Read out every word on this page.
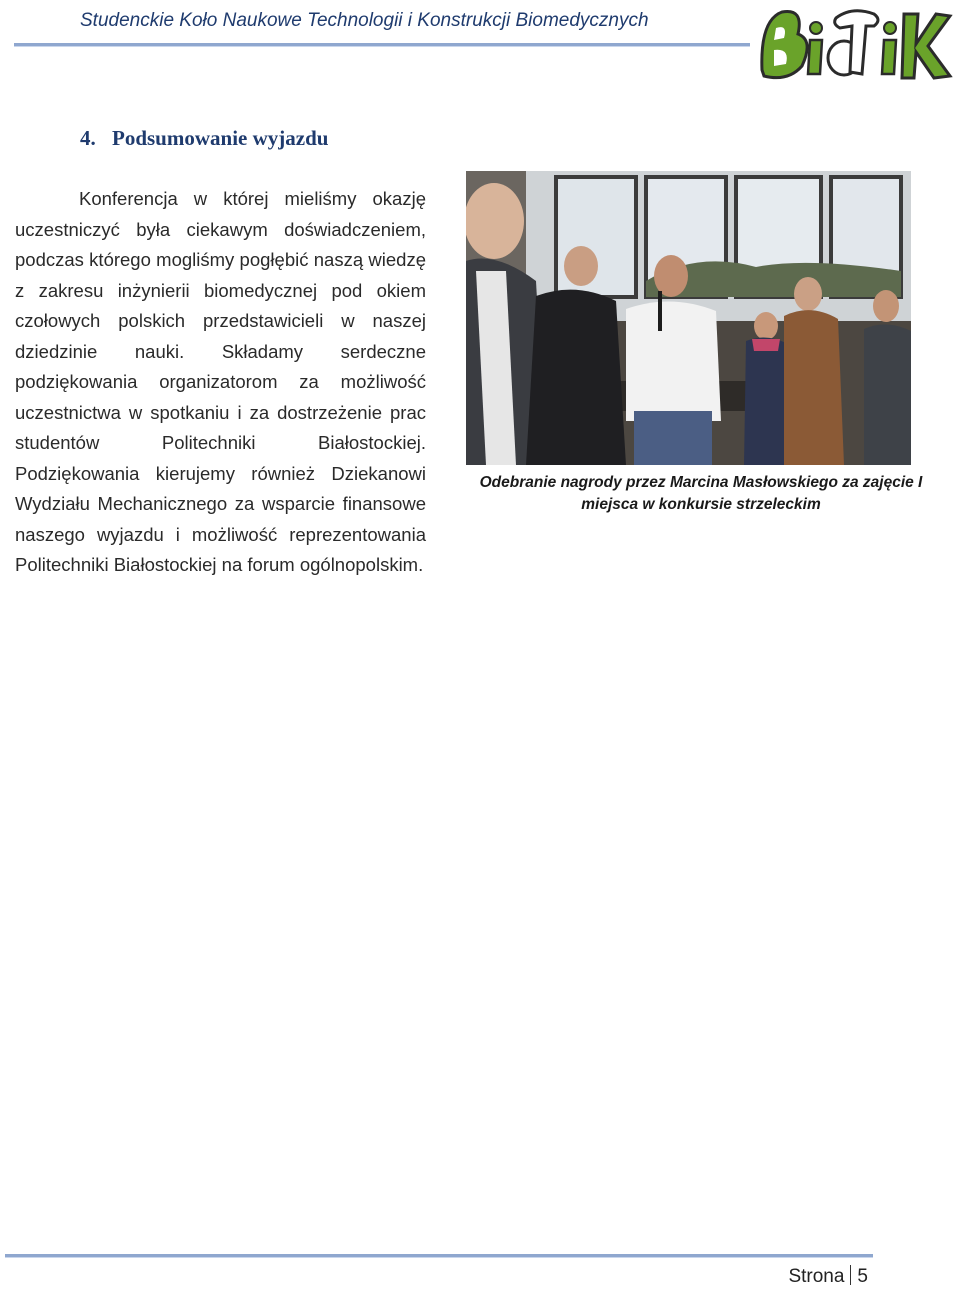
Studenckie Koło Naukowe Technologii i Konstrukcji Biomedycznych
4. Podsumowanie wyjazdu

Konferencja w której mieliśmy okazję uczestniczyć była ciekawym doświadczeniem, podczas którego mogliśmy pogłębić naszą wiedzę z zakresu inżynierii biomedycznej pod okiem czołowych polskich przedstawicieli w naszej dziedzinie nauki. Składamy serdeczne podziękowania organizatorom za możliwość uczestnictwa w spotkaniu i za dostrzeżenie prac studentów Politechniki Białostockiej. Podziękowania kierujemy również Dziekanowi Wydziału Mechanicznego za wsparcie finansowe naszego wyjazdu i możliwość reprezentowania Politechniki Białostockiej na forum ogólnopolskim.

Odebranie nagrody przez Marcina Masłowskiego za zajęcie I miejsca w konkursie strzeleckim

Strona 5
